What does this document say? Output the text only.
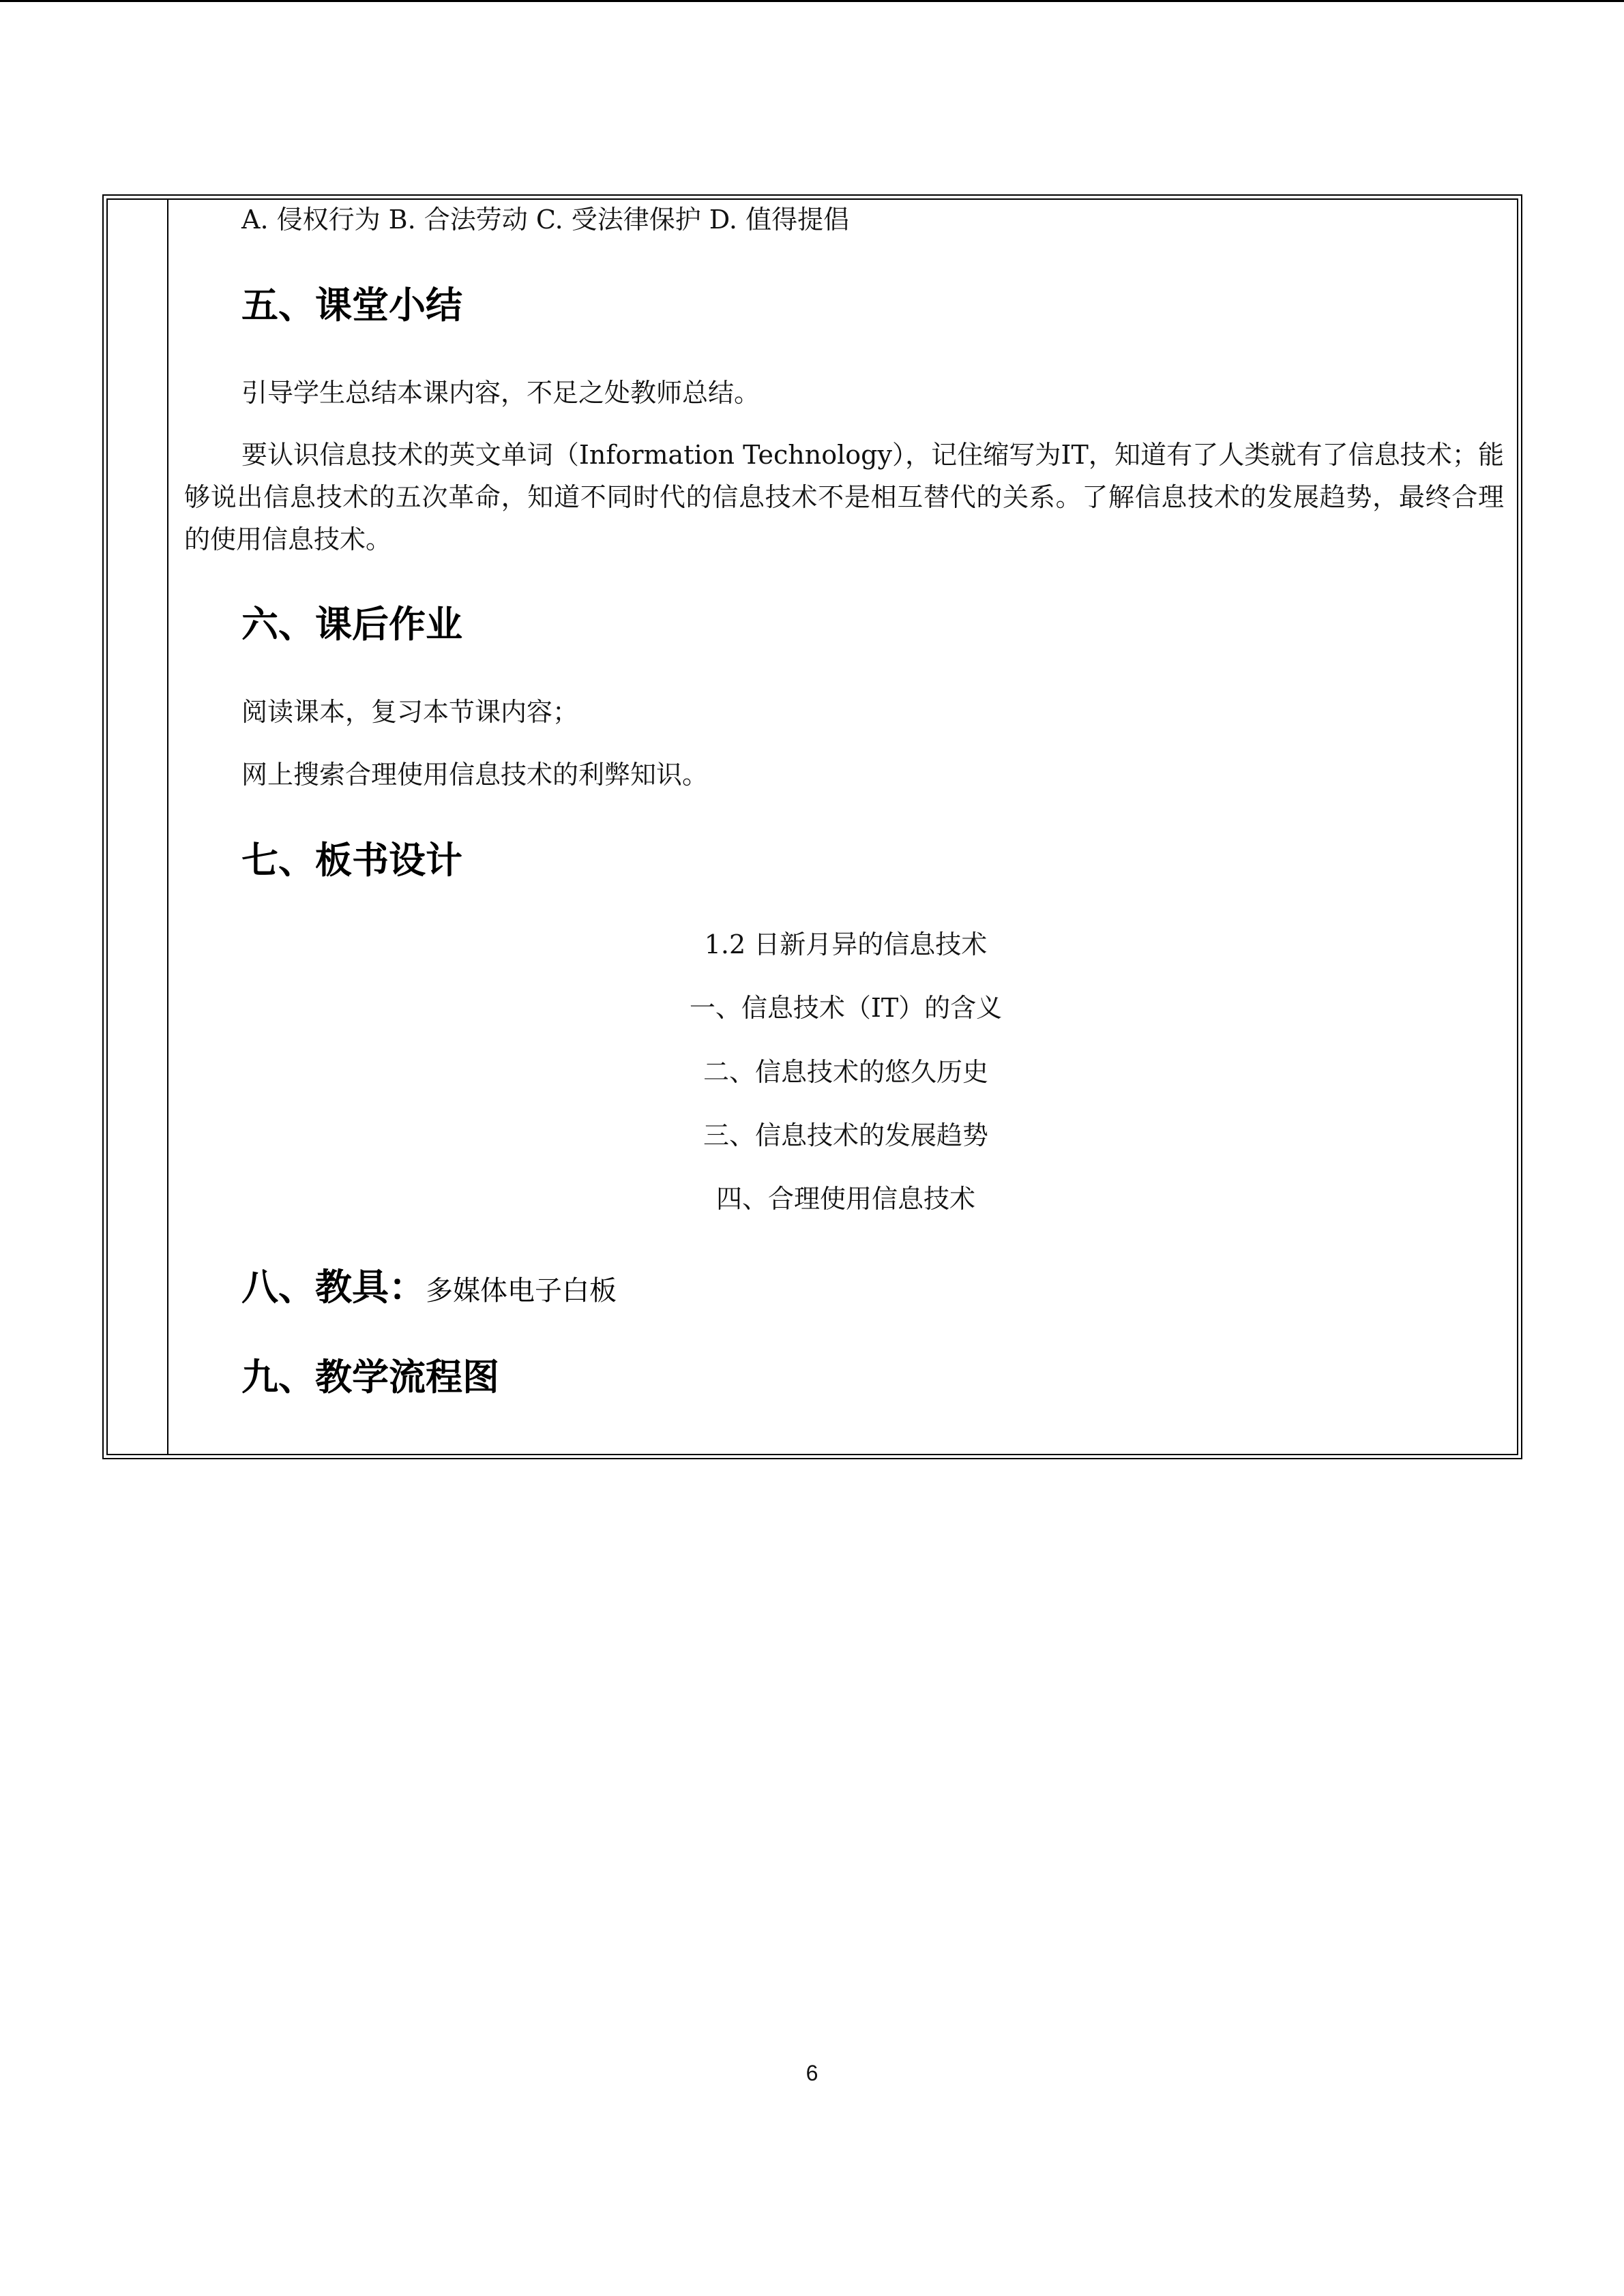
A. 侵权行为 B. 合法劳动 C. 受法律保护 D. 值得提倡
五、课堂小结
引导学生总结本课内容，不足之处教师总结。
要认识信息技术的英文单词（Information Technology），记住缩写为IT，知道有了人类就有了信息技术；能够说出信息技术的五次革命，知道不同时代的信息技术不是相互替代的关系。了解信息技术的发展趋势，最终合理的使用信息技术。
六、课后作业
阅读课本，复习本节课内容；
网上搜索合理使用信息技术的利弊知识。
七、板书设计
1.2 日新月异的信息技术
一、信息技术（IT）的含义
二、信息技术的悠久历史
三、信息技术的发展趋势
四、合理使用信息技术
八、教具：多媒体电子白板
九、教学流程图
6
